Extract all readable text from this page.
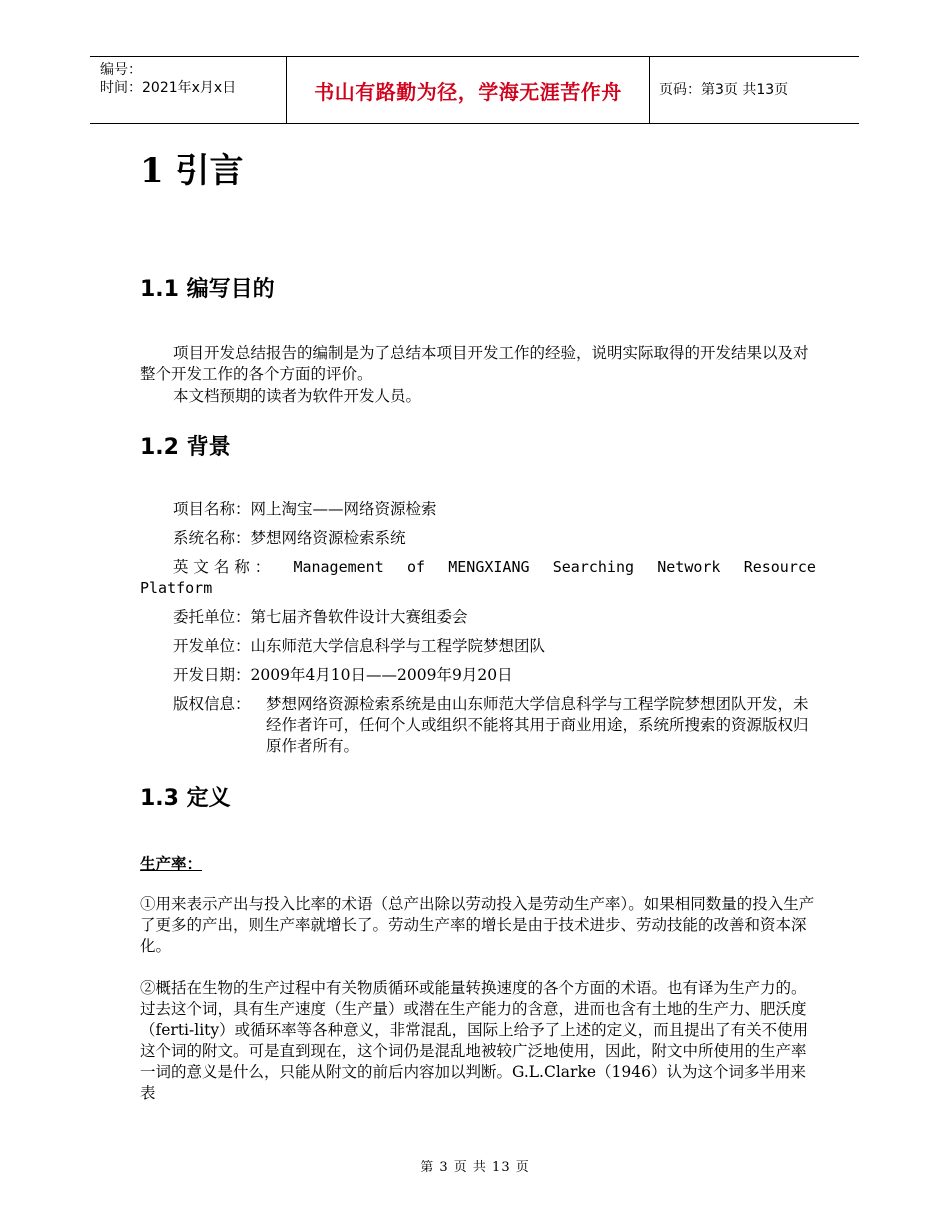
编号：
时间：2021年x月x日	书山有路勤为径，学海无涯苦作舟	页码：第3页 共13页
1 引言
1.1 编写目的

项目开发总结报告的编制是为了总结本项目开发工作的经验，说明实际取得的开发结果以及对整个开发工作的各个方面的评价。

本文档预期的读者为软件开发人员。

1.2 背景
项目名称：网上淘宝——网络资源检索
系统名称：梦想网络资源检索系统
英 文 名 称 ： Management of MENGXIANG Searching Network Resource
Platform
委托单位：第七届齐鲁软件设计大赛组委会
开发单位：山东师范大学信息科学与工程学院梦想团队
开发日期：2009年4月10日——2009年9月20日
版权信息： 梦想网络资源检索系统是由山东师范大学信息科学与工程学院梦想团队开发，未经作者许可，任何个人或组织不能将其用于商业用途，系统所搜索的资源版权归原作者所有。
1.3 定义
生产率：

①用来表示产出与投入比率的术语（总产出除以劳动投入是劳动生产率）。如果相同数量的投入生产了更多的产出，则生产率就增长了。劳动生产率的增长是由于技术进步、劳动技能的改善和资本深化。

②概括在生物的生产过程中有关物质循环或能量转换速度的各个方面的术语。也有译为生产力的。过去这个词，具有生产速度（生产量）或潜在生产能力的含意，进而也含有土地的生产力、肥沃度（ferti-lity）或循环率等各种意义，非常混乱，国际上给予了上述的定义，而且提出了有关不使用这个词的附文。可是直到现在，这个词仍是混乱地被较广泛地使用，因此，附文中所使用的生产率一词的意义是什么，只能从附文的前后内容加以判断。G.L.Clarke（1946）认为这个词多半用来表

第 3 页 共 13 页
